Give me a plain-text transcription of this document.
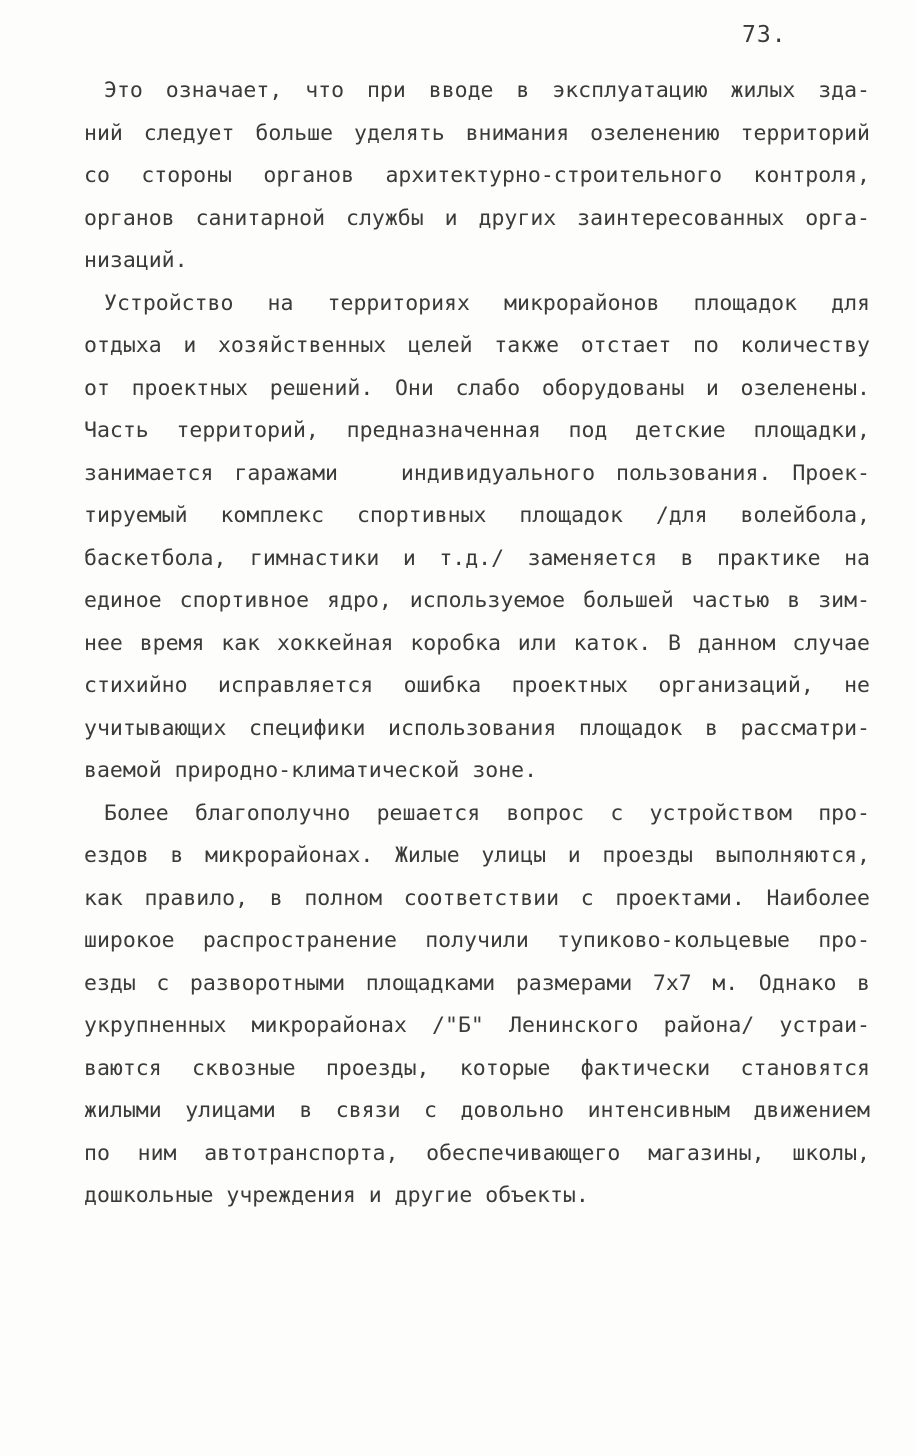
73.
Это означает, что при вводе в эксплуатацию жилых зда-
ний следует больше уделять внимания озеленению территорий
со стороны органов архитектурно-строительного контроля,
органов санитарной службы и других заинтересованных орга-
низаций.
Устройство на территориях микрорайонов площадок для
отдыха и хозяйственных целей также отстает по количеству
от проектных решений. Они слабо оборудованы и озеленены.
Часть территорий, предназначенная под детские площадки,
занимается гаражами   индивидуального пользования. Проек-
тируемый комплекс спортивных площадок /для волейбола,
баскетбола, гимнастики и т.д./ заменяется в практике на
единое спортивное ядро, используемое большей частью в зим-
нее время как хоккейная коробка или каток. В данном случае
стихийно исправляется ошибка проектных организаций, не
учитывающих специфики использования площадок в рассматри-
ваемой природно-климатической зоне.
Более благополучно решается вопрос с устройством про-
ездов в микрорайонах. Жилые улицы и проезды выполняются,
как правило, в полном соответствии с проектами. Наиболее
широкое распространение получили тупиково-кольцевые про-
езды с разворотными площадками размерами 7х7 м. Однако в
укрупненных микрорайонах /"Б" Ленинского района/ устраи-
ваются сквозные проезды, которые фактически становятся
жилыми улицами в связи с довольно интенсивным движением
по ним автотранспорта, обеспечивающего магазины, школы,
дошкольные учреждения и другие объекты.
